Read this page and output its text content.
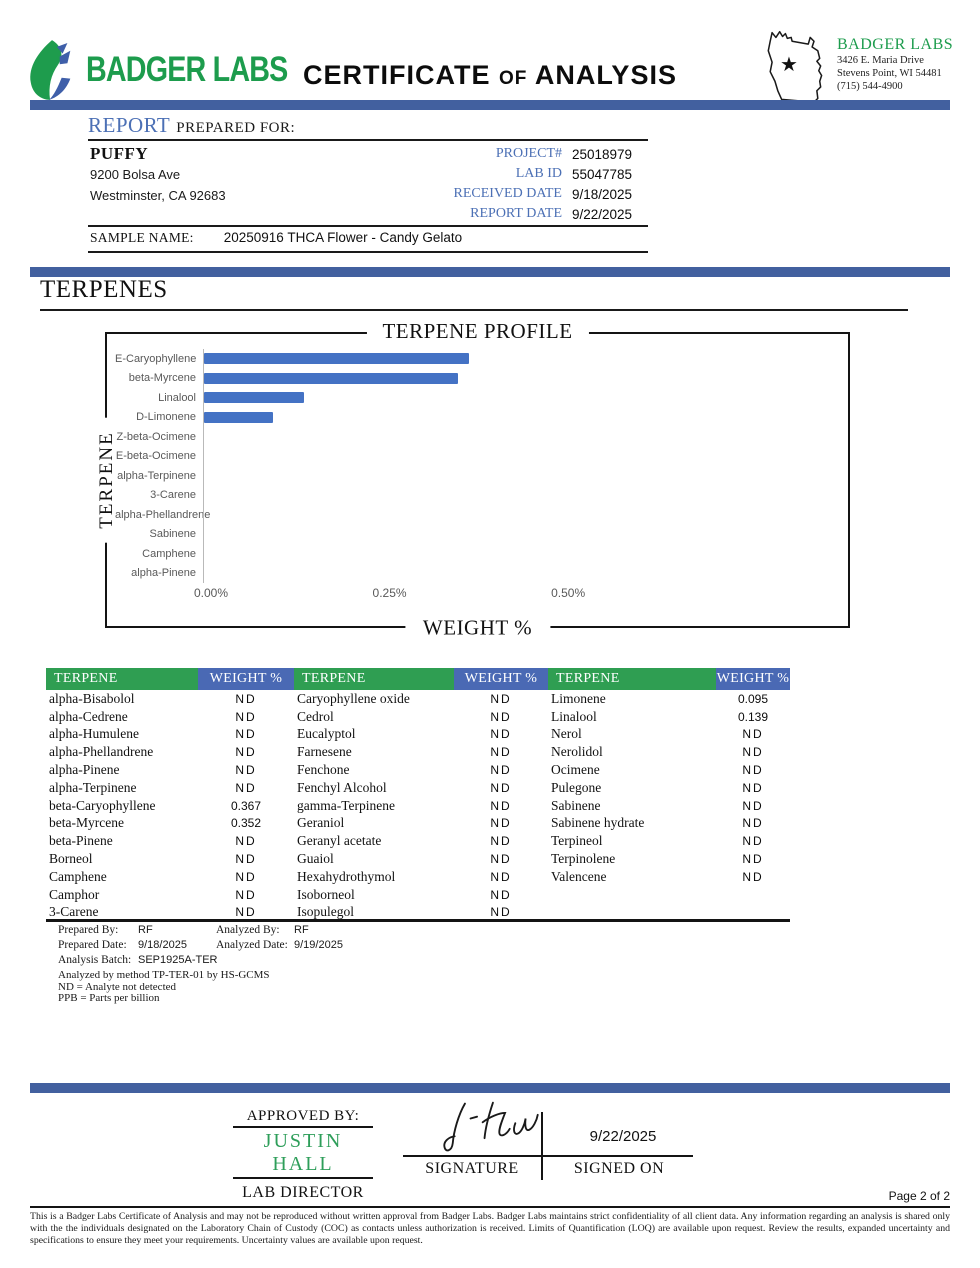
BADGER LABS CERTIFICATE OF ANALYSIS	★
BADGER LABS
3426 E. Maria Drive
Stevens Point, WI 54481
(715) 544-4900
REPORT PREPARED FOR:
PUFFY
9200 Bolsa Ave
Westminster, CA 92683
PROJECT# 25018979
LAB ID 55047785
RECEIVED DATE 9/18/2025
REPORT DATE 9/22/2025
SAMPLE NAME: 20250916 THCA Flower - Candy Gelato
TERPENES
TERPENE PROFILE
TERPENE
E-Caryophyllene
beta-Myrcene
Linalool
D-Limonene
Z-beta-Ocimene
E-beta-Ocimene
alpha-Terpinene
3-Carene
alpha-Phellandrene
Sabinene
Camphene
alpha-Pinene
0.00%	0.25%	0.50%
WEIGHT %
TERPENE	WEIGHT %	TERPENE	WEIGHT %	TERPENE	WEIGHT %
alpha-Bisabolol	ND	Caryophyllene oxide	ND	Limonene	0.095
alpha-Cedrene	ND	Cedrol	ND	Linalool	0.139
alpha-Humulene	ND	Eucalyptol	ND	Nerol	ND
alpha-Phellandrene	ND	Farnesene	ND	Nerolidol	ND
alpha-Pinene	ND	Fenchone	ND	Ocimene	ND
alpha-Terpinene	ND	Fenchyl Alcohol	ND	Pulegone	ND
beta-Caryophyllene	0.367	gamma-Terpinene	ND	Sabinene	ND
beta-Myrcene	0.352	Geraniol	ND	Sabinene hydrate	ND
beta-Pinene	ND	Geranyl acetate	ND	Terpineol	ND
Borneol	ND	Guaiol	ND	Terpinolene	ND
Camphene	ND	Hexahydrothymol	ND	Valencene	ND
Camphor	ND	Isoborneol	ND		
3-Carene	ND	Isopulegol	ND		
Prepared By:	RF	Analyzed By:	RF
Prepared Date:	9/18/2025	Analyzed Date: 9/19/2025
Analysis Batch: SEP1925A-TER
Analyzed by method TP-TER-01 by HS-GCMS
ND = Analyte not detected
PPB = Parts per billion
APPROVED BY:
JUSTIN HALL
LAB DIRECTOR
SIGNATURE
9/22/2025
SIGNED ON
Page 2 of 2
This is a Badger Labs Certificate of Analysis and may not be reproduced without written approval from Badger Labs. Badger Labs maintains strict confidentiality of all client data. Any information regarding an analysis is shared only with the the individuals designated on the Laboratory Chain of Custody (COC) as contacts unless authorization is received. Limits of Quantification (LOQ) are available upon request. Review the results, expanded uncertainty and specifications to ensure they meet your requirements. Uncertainty values are available upon request.
